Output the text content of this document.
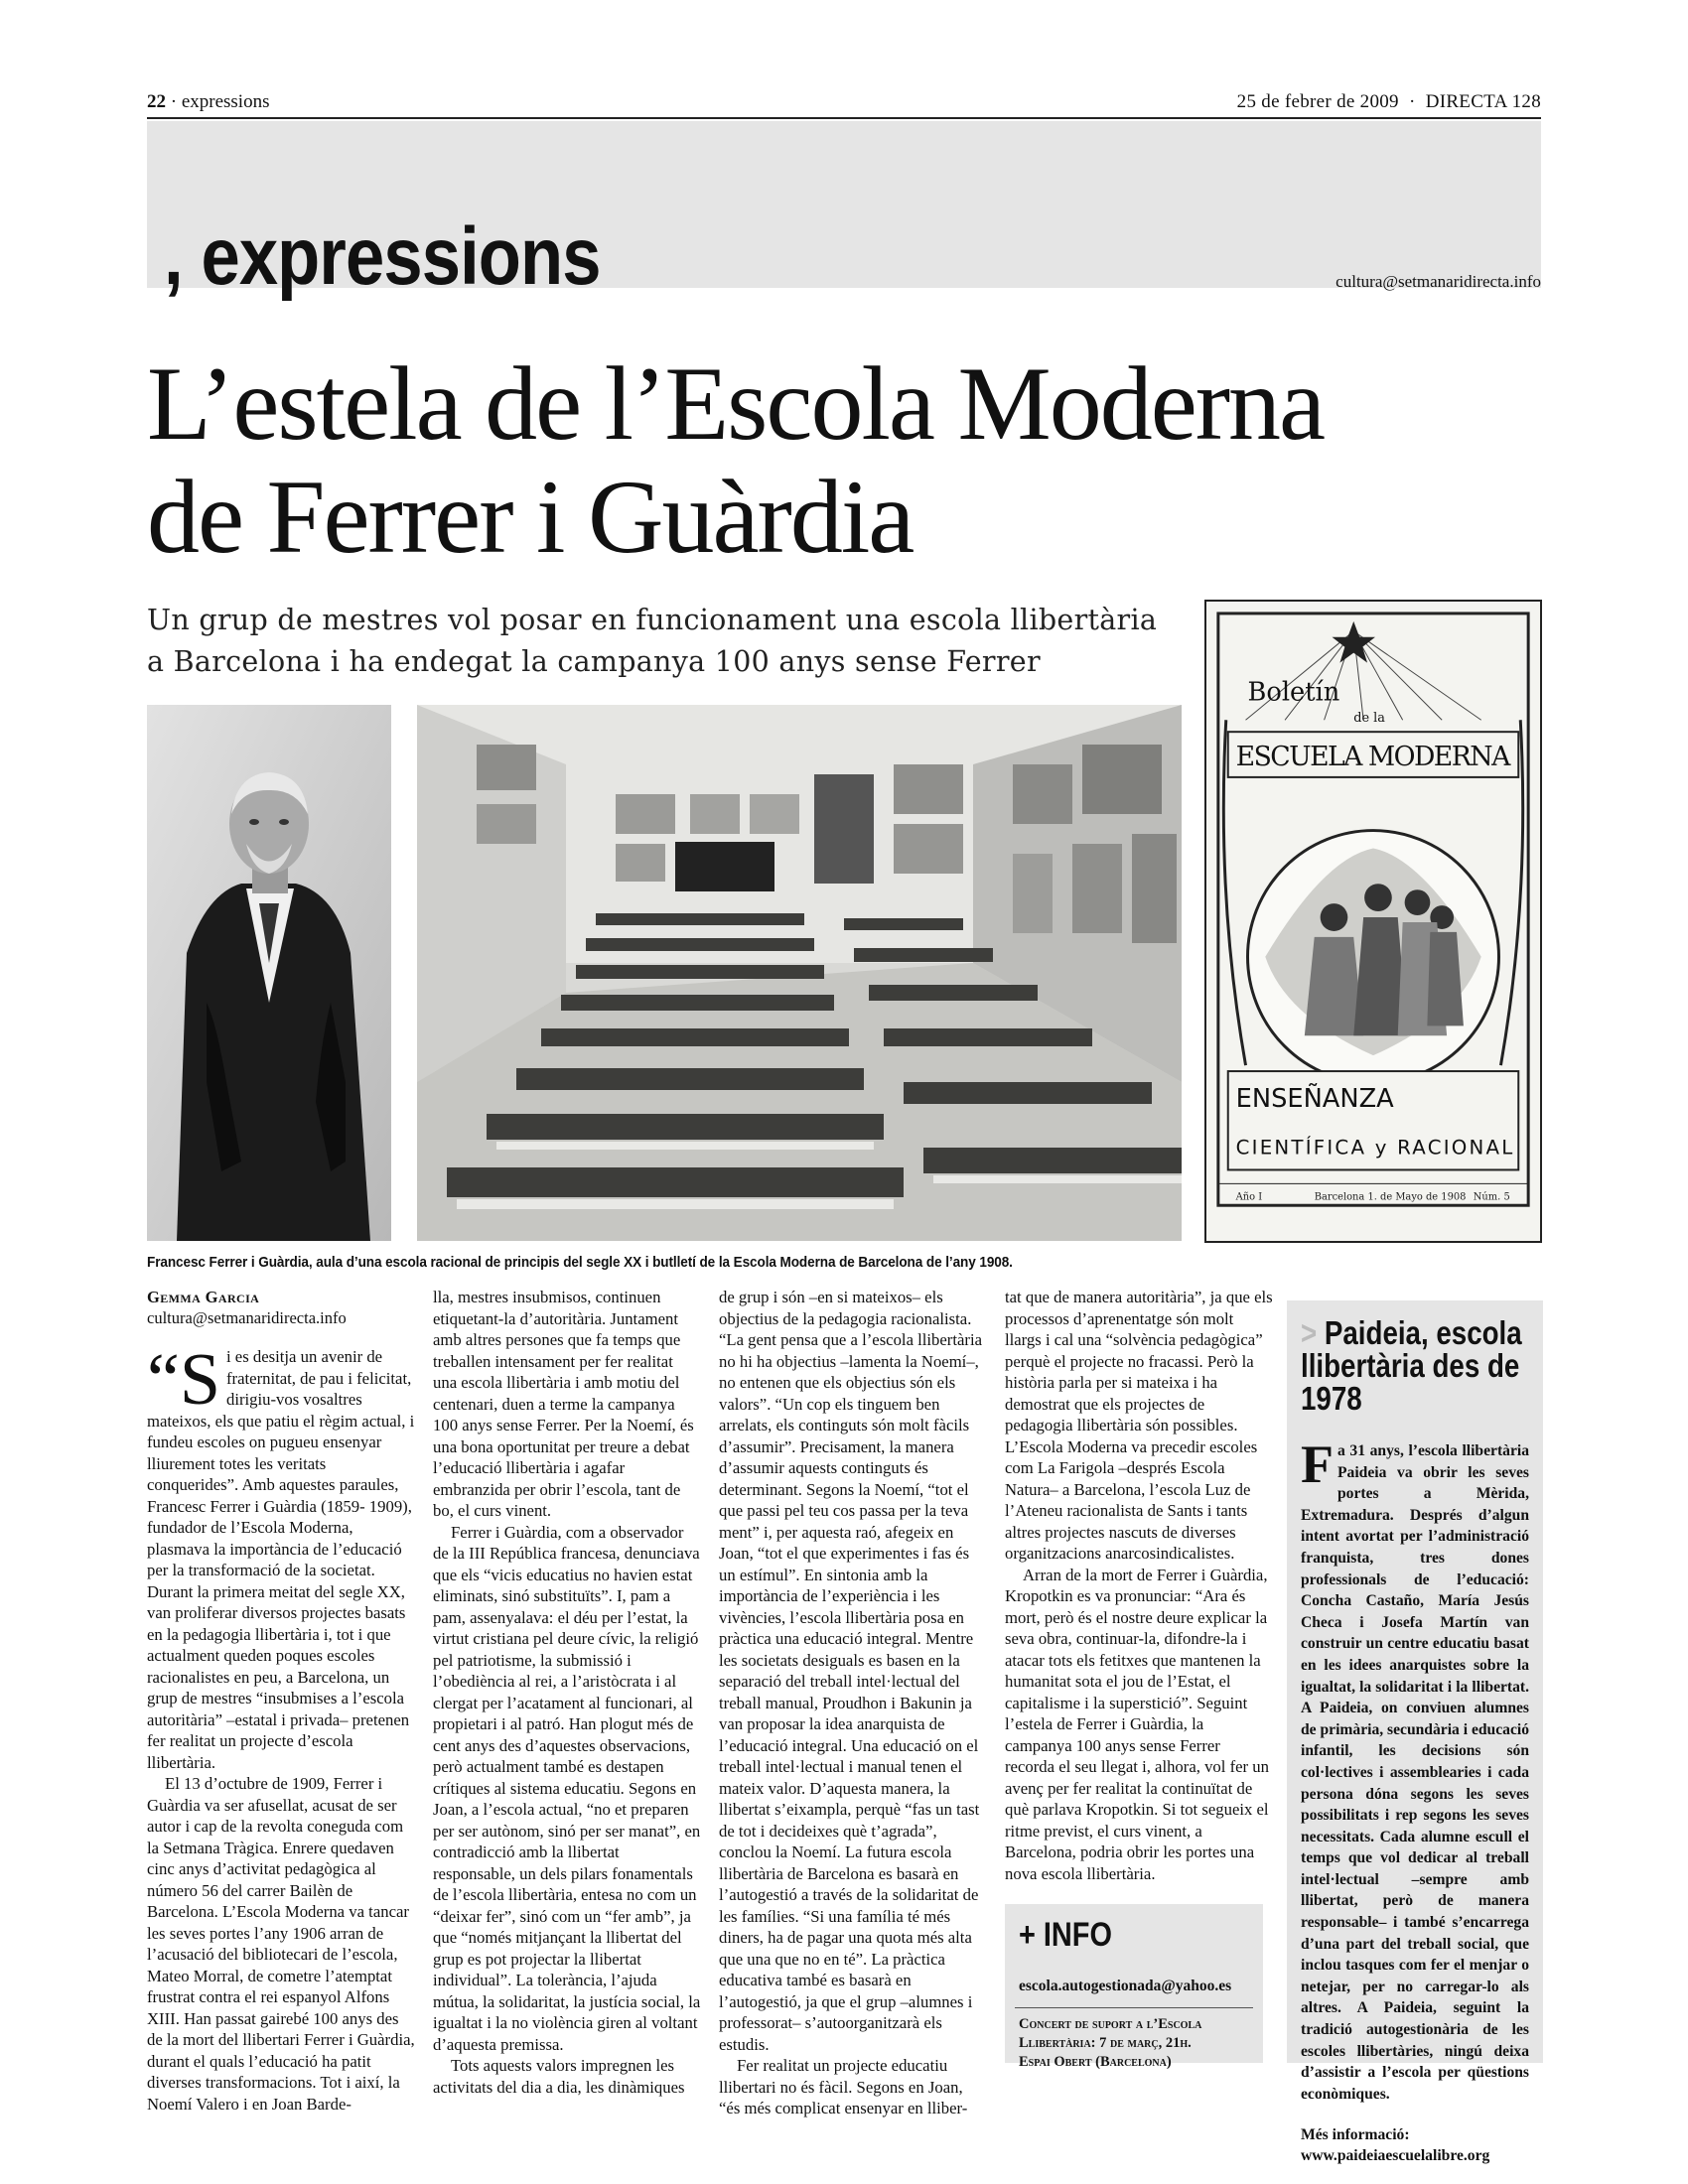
22 · expressions	25 de febrer de 2009  ·  DIRECTA 128
, expressions	cultura@setmanaridirecta.info
L’estela de l’Escola Moderna
de Ferrer i Guàrdia
Un grup de mestres vol posar en funcionament una escola llibertària
a Barcelona i ha endegat la campanya 100 anys sense Ferrer
Boletín
de la
ESCUELA MODERNA
ENSEÑANZA
CIENTÍFICA y RACIONAL
Año I	Barcelona 1. de Mayo de 1908 Núm. 5
Francesc Ferrer i Guàrdia, aula d’una escola racional de principis del segle XX i butlletí de la Escola Moderna de Barcelona de l’any 1908.
Gemma Garcia
cultura@setmanaridirecta.info

“Si es desitja un avenir de fraternitat, de pau i felicitat, dirigiu-vos vosaltres mateixos, els que patiu el règim actual, i fundeu escoles on pugueu ensenyar lliurement totes les veritats conquerides”. Amb aquestes paraules, Francesc Ferrer i Guàrdia (1859- 1909), fundador de l’Escola Moderna, plasmava la importància de l’educació per la transformació de la societat. Durant la primera meitat del segle XX, van proliferar diversos projectes basats en la pedagogia llibertària i, tot i que actualment queden poques escoles racionalistes en peu, a Barcelona, un grup de mestres “insubmises a l’escola autoritària” –estatal i privada– pretenen fer realitat un projecte d’escola llibertària.

El 13 d’octubre de 1909, Ferrer i Guàrdia va ser afusellat, acusat de ser autor i cap de la revolta coneguda com la Setmana Tràgica. Enrere quedaven cinc anys d’activitat pedagògica al número 56 del carrer Bailèn de Barcelona. L’Escola Moderna va tancar les seves portes l’any 1906 arran de l’acusació del bibliotecari de l’escola, Mateo Morral, de cometre l’atemptat frustrat contra el rei espanyol Alfons XIII. Han passat gairebé 100 anys des de la mort del llibertari Ferrer i Guàrdia, durant el quals l’educació ha patit diverses transformacions. Tot i així, la Noemí Valero i en Joan Barde-

lla, mestres insubmisos, continuen etiquetant-la d’autoritària. Juntament amb altres persones que fa temps que treballen intensament per fer realitat una escola llibertària i amb motiu del centenari, duen a terme la campanya 100 anys sense Ferrer. Per la Noemí, és una bona oportunitat per treure a debat l’educació llibertària i agafar embranzida per obrir l’escola, tant de bo, el curs vinent.

Ferrer i Guàrdia, com a observador de la III República francesa, denunciava que els “vicis educatius no havien estat eliminats, sinó substituïts”. I, pam a pam, assenyalava: el déu per l’estat, la virtut cristiana pel deure cívic, la religió pel patriotisme, la submissió i l’obediència al rei, a l’aristòcrata i al clergat per l’acatament al funcionari, al propietari i al patró. Han plogut més de cent anys des d’aquestes observacions, però actualment també es destapen crítiques al sistema educatiu. Segons en Joan, a l’escola actual, “no et preparen per ser autònom, sinó per ser manat”, en contradicció amb la llibertat responsable, un dels pilars fonamentals de l’escola llibertària, entesa no com un “deixar fer”, sinó com un “fer amb”, ja que “només mitjançant la llibertat del grup es pot projectar la llibertat individual”. La tolerància, l’ajuda mútua, la solidaritat, la justícia social, la igualtat i la no violència giren al voltant d’aquesta premissa.

Tots aquests valors impregnen les activitats del dia a dia, les dinàmiques

de grup i són –en si mateixos– els objectius de la pedagogia racionalista. “La gent pensa que a l’escola llibertària no hi ha objectius –lamenta la Noemí–, no entenen que els objectius són els valors”. “Un cop els tinguem ben arrelats, els continguts són molt fàcils d’assumir”. Precisament, la manera d’assumir aquests continguts és determinant. Segons la Noemí, “tot el que passi pel teu cos passa per la teva ment” i, per aquesta raó, afegeix en Joan, “tot el que experimentes i fas és un estímul”. En sintonia amb la importància de l’experiència i les vivències, l’escola llibertària posa en pràctica una educació integral. Mentre les societats desiguals es basen en la separació del treball intel·lectual del treball manual, Proudhon i Bakunin ja van proposar la idea anarquista de l’educació integral. Una educació on el treball intel·lectual i manual tenen el mateix valor. D’aquesta manera, la llibertat s’eixampla, perquè “fas un tast de tot i decideixes què t’agrada”, conclou la Noemí. La futura escola llibertària de Barcelona es basarà en l’autogestió a través de la solidaritat de les famílies. “Si una família té més diners, ha de pagar una quota més alta que una que no en té”. La pràctica educativa també es basarà en l’autogestió, ja que el grup –alumnes i professorat– s’autoorganitzarà els estudis.

Fer realitat un projecte educatiu llibertari no és fàcil. Segons en Joan, “és més complicat ensenyar en lliber-

tat que de manera autoritària”, ja que els processos d’aprenentatge són molt llargs i cal una “solvència pedagògica” perquè el projecte no fracassi. Però la història parla per si mateixa i ha demostrat que els projectes de pedagogia llibertària són possibles. L’Escola Moderna va precedir escoles com La Farigola –després Escola Natura– a Barcelona, l’escola Luz de l’Ateneu racionalista de Sants i tants altres projectes nascuts de diverses organitzacions anarcosindicalistes.

Arran de la mort de Ferrer i Guàrdia, Kropotkin es va pronunciar: “Ara és mort, però és el nostre deure explicar la seva obra, continuar-la, difondre-la i atacar tots els fetitxes que mantenen la humanitat sota el jou de l’Estat, el capitalisme i la superstició”. Seguint l’estela de Ferrer i Guàrdia, la campanya 100 anys sense Ferrer recorda el seu llegat i, alhora, vol fer un avenç per fer realitat la continuïtat de què parlava Kropotkin. Si tot segueix el ritme previst, el curs vinent, a Barcelona, podria obrir les portes una nova escola llibertària.

+ INFO
escola.autogestionada@yahoo.es
Concert de suport a l’Escola
Llibertària: 7 de març, 21h.
Espai Obert (Barcelona)
> Paideia, escola llibertària des de 1978
Fa 31 anys, l’escola llibertària Paideia va obrir les seves portes a Mèrida, Extremadura. Després d’algun intent avortat per l’administració franquista, tres dones professionals de l’educació: Concha Castaño, María Jesús Checa i Josefa Martín van construir un centre educatiu basat en les idees anarquistes sobre la igualtat, la solidaritat i la llibertat. A Paideia, on conviuen alumnes de primària, secundària i educació infantil, les decisions són col·lectives i assemblearies i cada persona dóna segons les seves possibilitats i rep segons les seves necessitats. Cada alumne escull el temps que vol dedicar al treball intel·lectual –sempre amb llibertat, però de manera responsable– i també s’encarrega d’una part del treball social, que inclou tasques com fer el menjar o netejar, per no carregar-lo als altres. A Paideia, seguint la tradició autogestionària de les escoles llibertàries, ningú deixa d’assistir a l’escola per qüestions econòmiques.
Més informació:
www.paideiaescuelalibre.org
